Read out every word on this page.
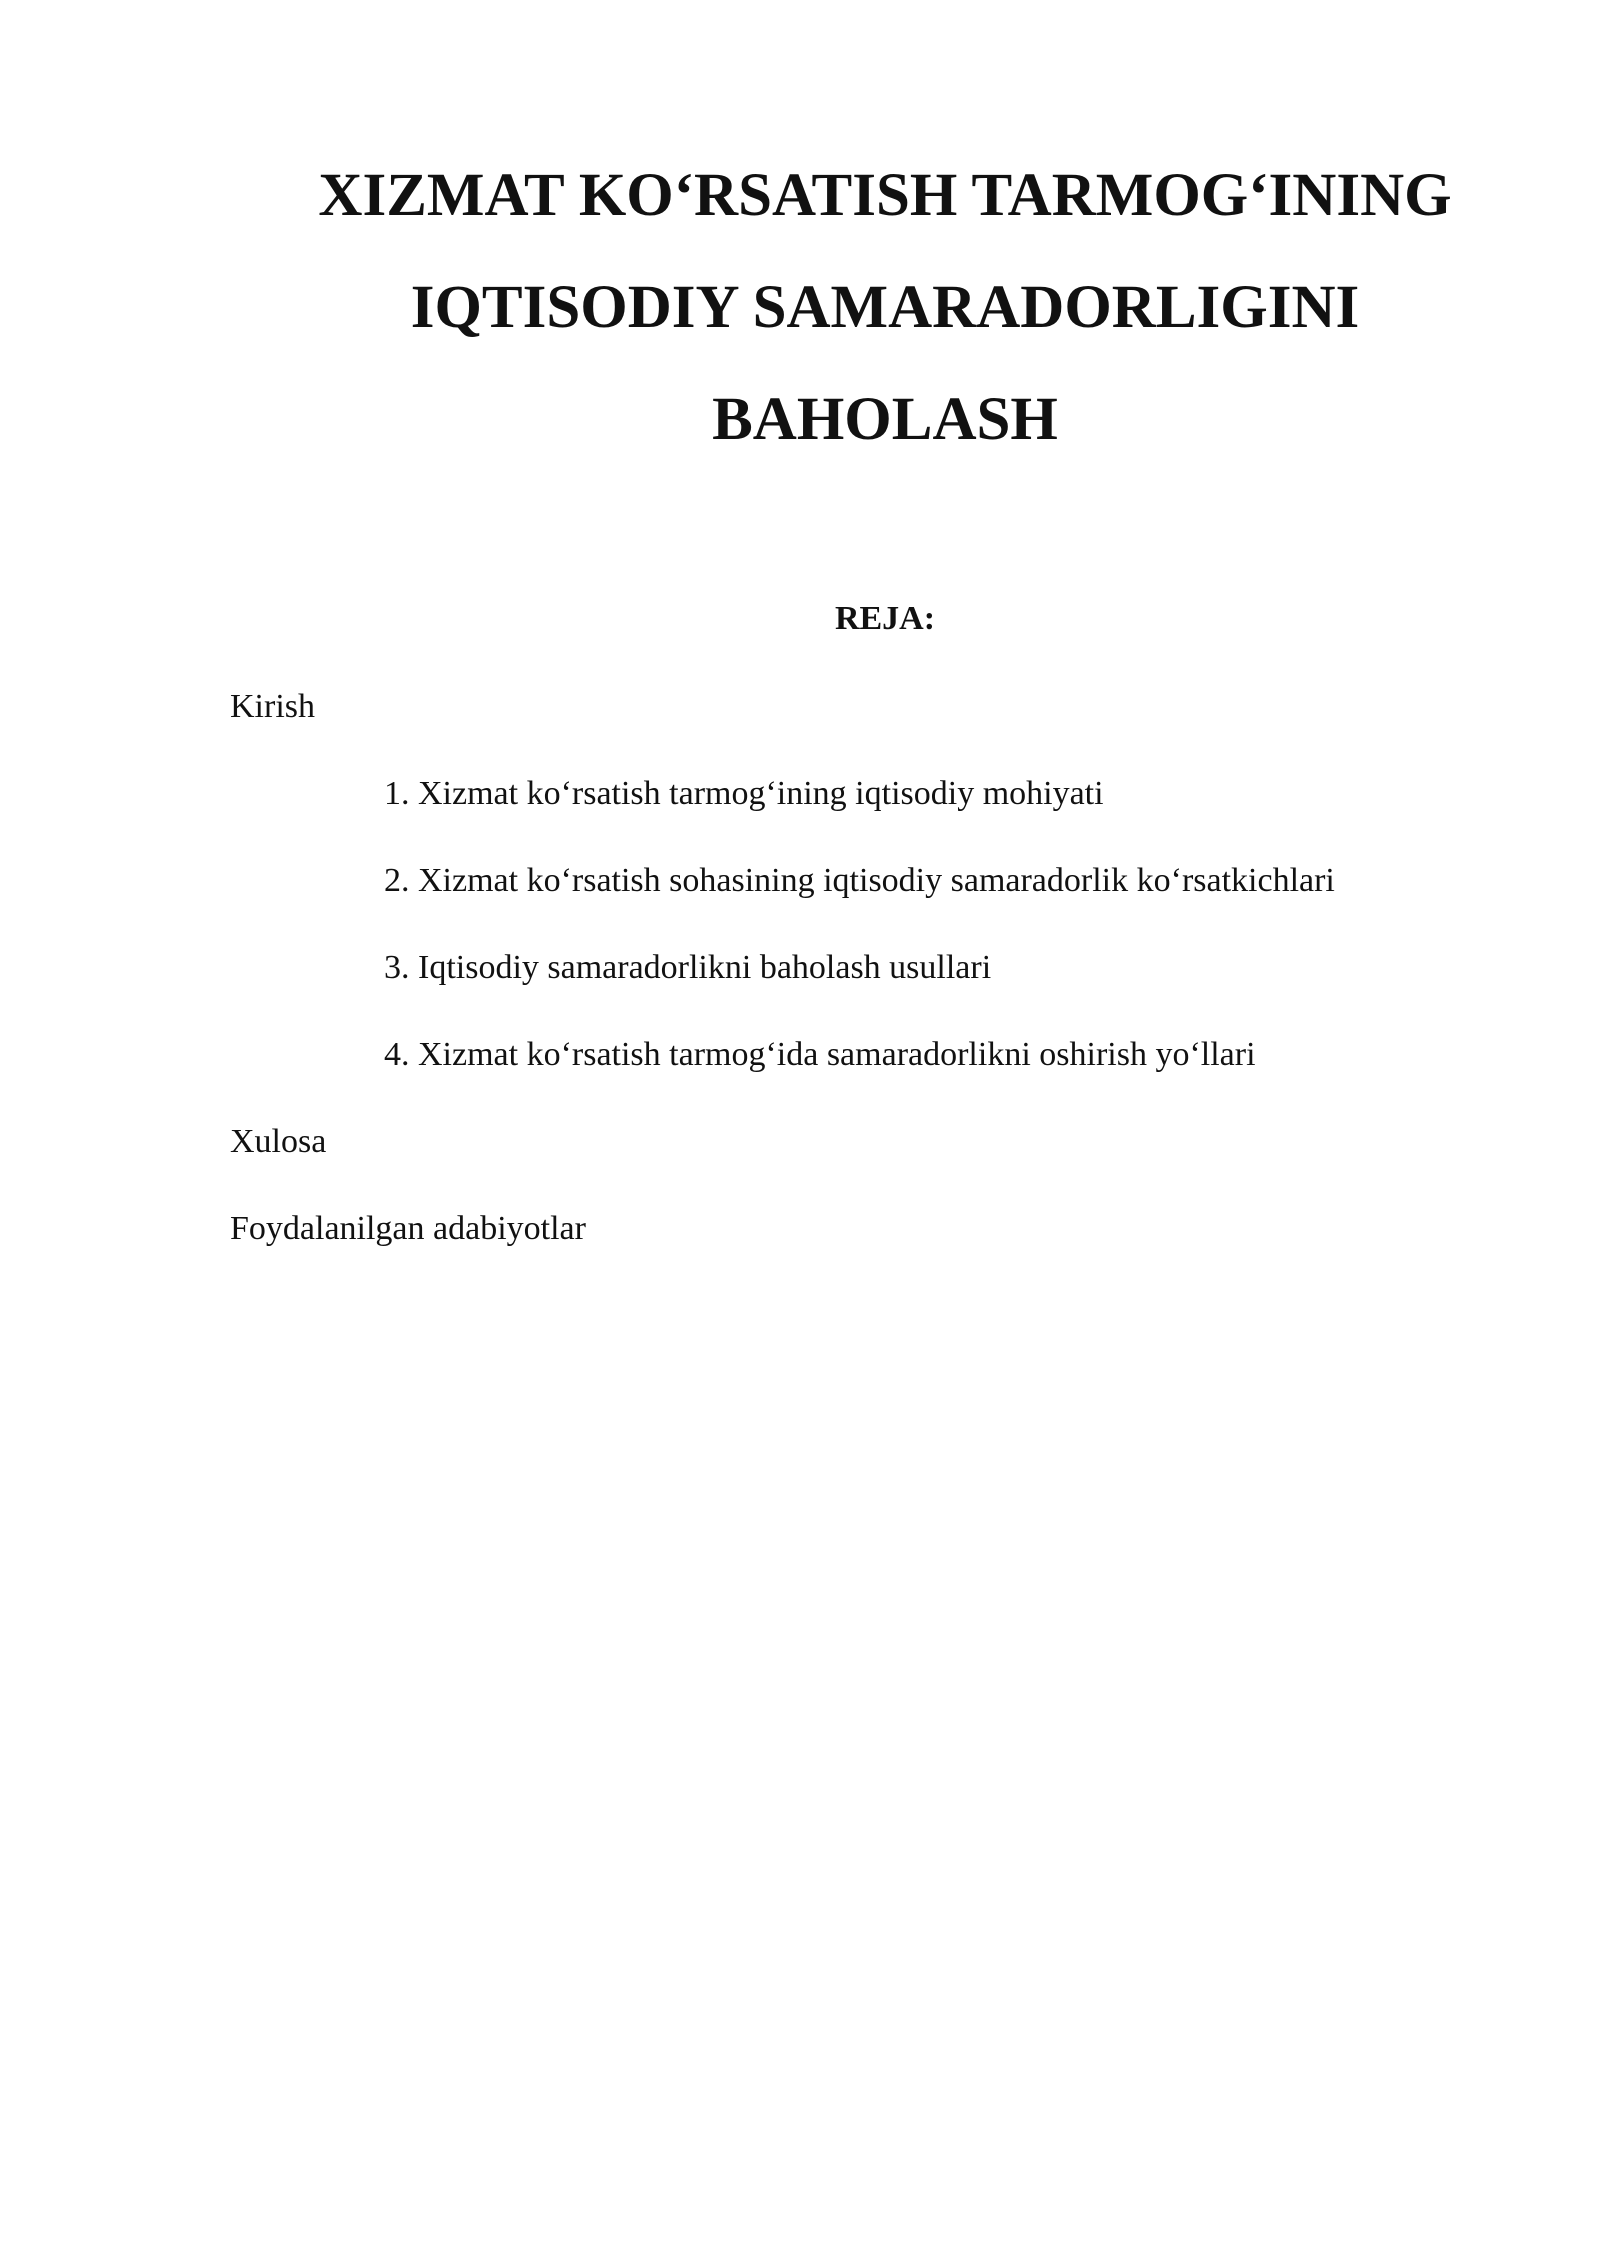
XIZMAT KO‘RSATISH TARMOG‘INING
IQTISODIY SAMARADORLIGINI
BAHOLASH

REJA:

Kirish

1. Xizmat ko‘rsatish tarmog‘ining iqtisodiy mohiyati

2. Xizmat ko‘rsatish sohasining iqtisodiy samaradorlik ko‘rsatkichlari

3. Iqtisodiy samaradorlikni baholash usullari

4. Xizmat ko‘rsatish tarmog‘ida samaradorlikni oshirish yo‘llari

Xulosa

Foydalanilgan adabiyotlar
